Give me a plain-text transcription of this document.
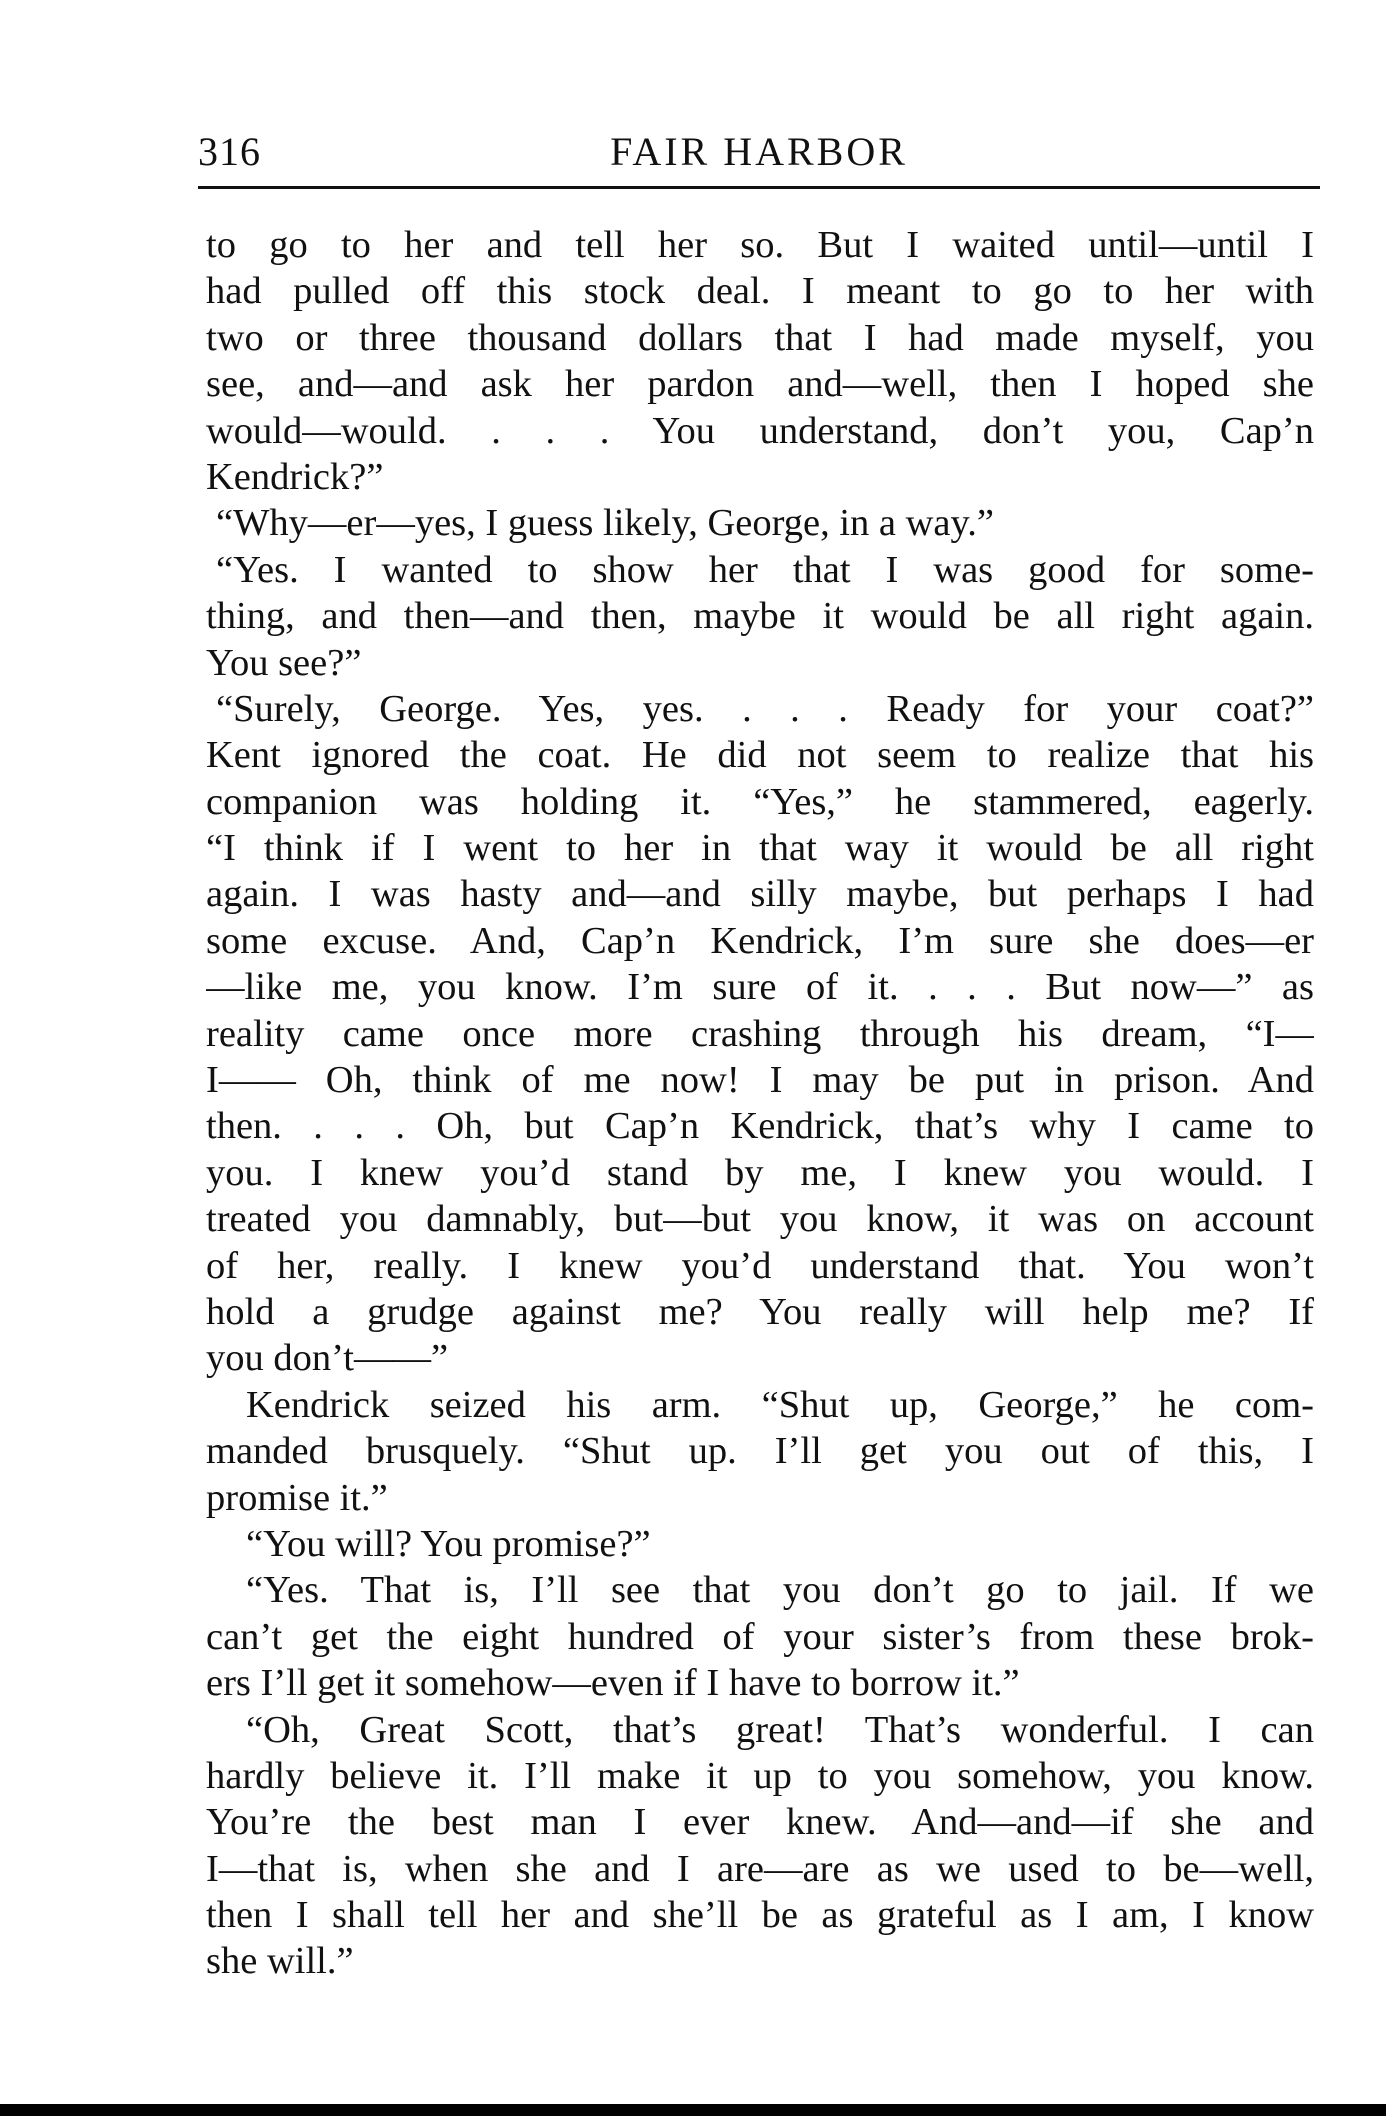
316	FAIR HARBOR
to go to her and tell her so. But I waited until—until I
had pulled off this stock deal. I meant to go to her with
two or three thousand dollars that I had made myself, you
see, and—and ask her pardon and—well, then I hoped she
would—would. . . . You understand, don’t you, Cap’n
Kendrick?”
“Why—er—yes, I guess likely, George, in a way.”
“Yes. I wanted to show her that I was good for some-
thing, and then—and then, maybe it would be all right again.
You see?”
“Surely, George. Yes, yes. . . . Ready for your coat?”
Kent ignored the coat. He did not seem to realize that his
companion was holding it. “Yes,” he stammered, eagerly.
“I think if I went to her in that way it would be all right
again. I was hasty and—and silly maybe, but perhaps I had
some excuse. And, Cap’n Kendrick, I’m sure she does—er
—like me, you know. I’m sure of it. . . . But now—” as
reality came once more crashing through his dream, “I—
I—— Oh, think of me now! I may be put in prison. And
then. . . . Oh, but Cap’n Kendrick, that’s why I came to
you. I knew you’d stand by me, I knew you would. I
treated you damnably, but—but you know, it was on account
of her, really. I knew you’d understand that. You won’t
hold a grudge against me? You really will help me? If
you don’t——”
Kendrick seized his arm. “Shut up, George,” he com-
manded brusquely. “Shut up. I’ll get you out of this, I
promise it.”
“You will? You promise?”
“Yes. That is, I’ll see that you don’t go to jail. If we
can’t get the eight hundred of your sister’s from these brok-
ers I’ll get it somehow—even if I have to borrow it.”
“Oh, Great Scott, that’s great! That’s wonderful. I can
hardly believe it. I’ll make it up to you somehow, you know.
You’re the best man I ever knew. And—and—if she and
I—that is, when she and I are—are as we used to be—well,
then I shall tell her and she’ll be as grateful as I am, I know
she will.”
